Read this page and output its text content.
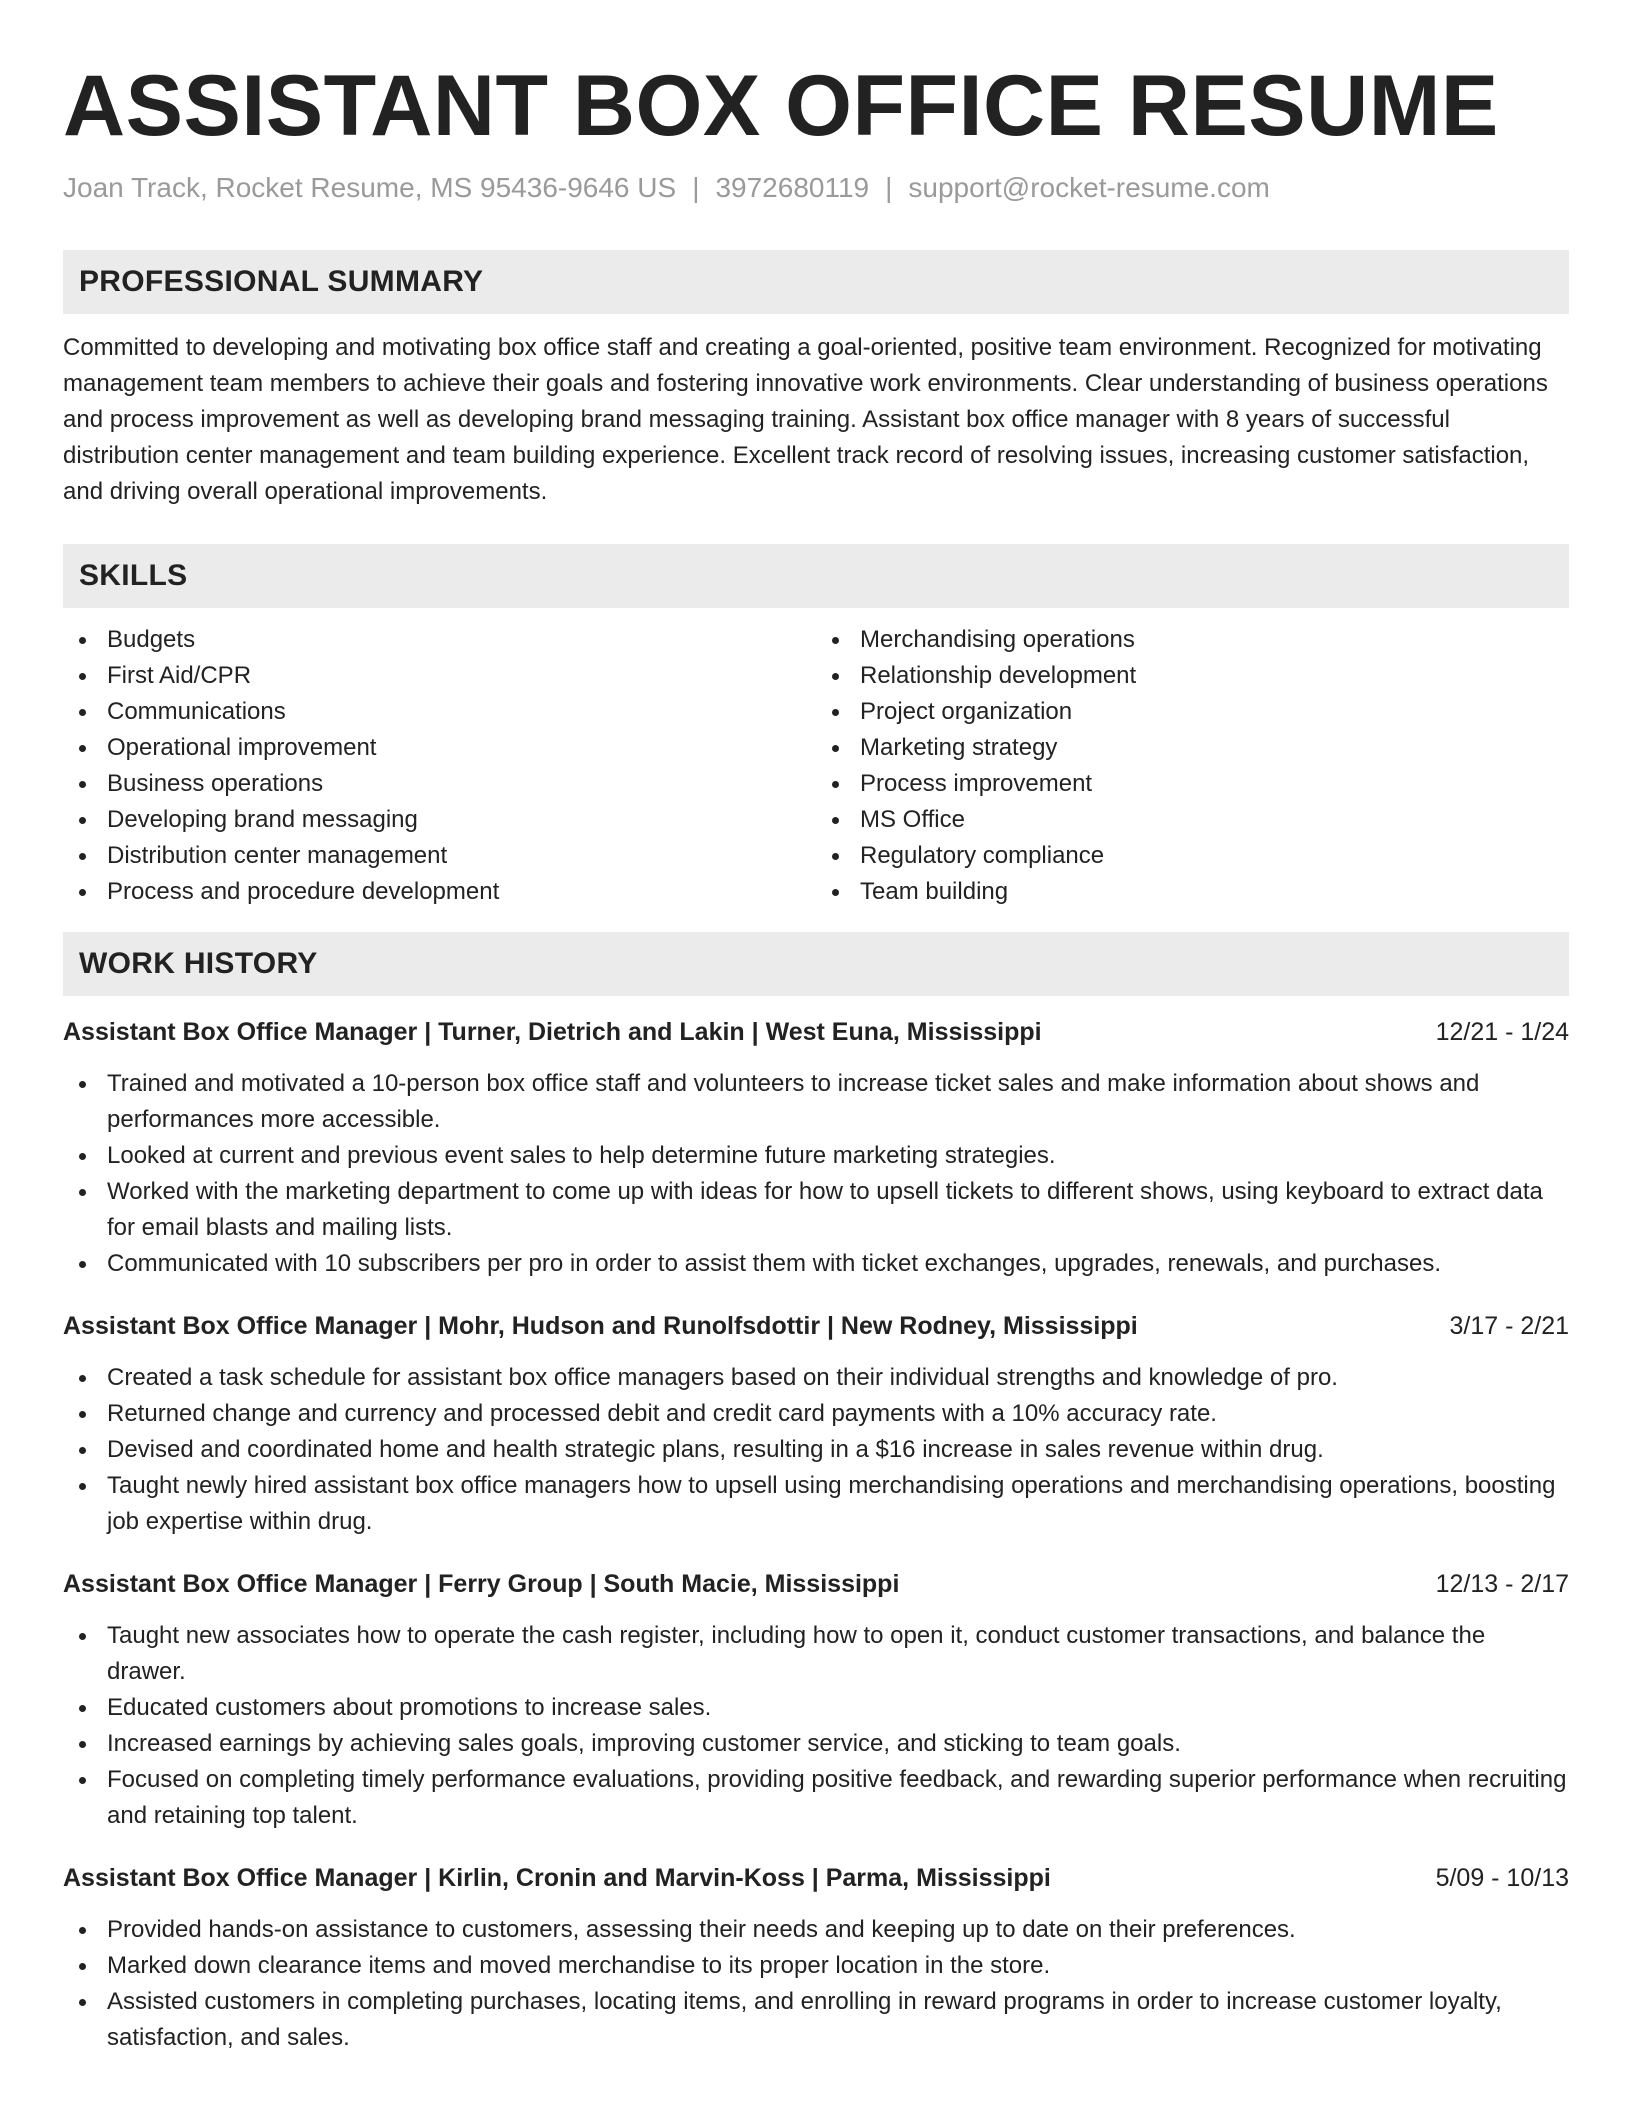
ASSISTANT BOX OFFICE RESUME
Joan Track, Rocket Resume, MS 95436-9646 US | 3972680119 | support@rocket-resume.com
PROFESSIONAL SUMMARY

Committed to developing and motivating box office staff and creating a goal-oriented, positive team environment. Recognized for motivating management team members to achieve their goals and fostering innovative work environments. Clear understanding of business operations and process improvement as well as developing brand messaging training. Assistant box office manager with 8 years of successful distribution center management and team building experience. Excellent track record of resolving issues, increasing customer satisfaction, and driving overall operational improvements.

SKILLS
Budgets
First Aid/CPR
Communications
Operational improvement
Business operations
Developing brand messaging
Distribution center management
Process and procedure development
Merchandising operations
Relationship development
Project organization
Marketing strategy
Process improvement
MS Office
Regulatory compliance
Team building
WORK HISTORY
Assistant Box Office Manager | Turner, Dietrich and Lakin | West Euna, Mississippi	12/21 - 1/24
Trained and motivated a 10-person box office staff and volunteers to increase ticket sales and make information about shows and performances more accessible.
Looked at current and previous event sales to help determine future marketing strategies.
Worked with the marketing department to come up with ideas for how to upsell tickets to different shows, using keyboard to extract data for email blasts and mailing lists.
Communicated with 10 subscribers per pro in order to assist them with ticket exchanges, upgrades, renewals, and purchases.
Assistant Box Office Manager | Mohr, Hudson and Runolfsdottir | New Rodney, Mississippi	3/17 - 2/21
Created a task schedule for assistant box office managers based on their individual strengths and knowledge of pro.
Returned change and currency and processed debit and credit card payments with a 10% accuracy rate.
Devised and coordinated home and health strategic plans, resulting in a $16 increase in sales revenue within drug.
Taught newly hired assistant box office managers how to upsell using merchandising operations and merchandising operations, boosting job expertise within drug.
Assistant Box Office Manager | Ferry Group | South Macie, Mississippi	12/13 - 2/17
Taught new associates how to operate the cash register, including how to open it, conduct customer transactions, and balance the drawer.
Educated customers about promotions to increase sales.
Increased earnings by achieving sales goals, improving customer service, and sticking to team goals.
Focused on completing timely performance evaluations, providing positive feedback, and rewarding superior performance when recruiting and retaining top talent.
Assistant Box Office Manager | Kirlin, Cronin and Marvin-Koss | Parma, Mississippi	5/09 - 10/13
Provided hands-on assistance to customers, assessing their needs and keeping up to date on their preferences.
Marked down clearance items and moved merchandise to its proper location in the store.
Assisted customers in completing purchases, locating items, and enrolling in reward programs in order to increase customer loyalty, satisfaction, and sales.
